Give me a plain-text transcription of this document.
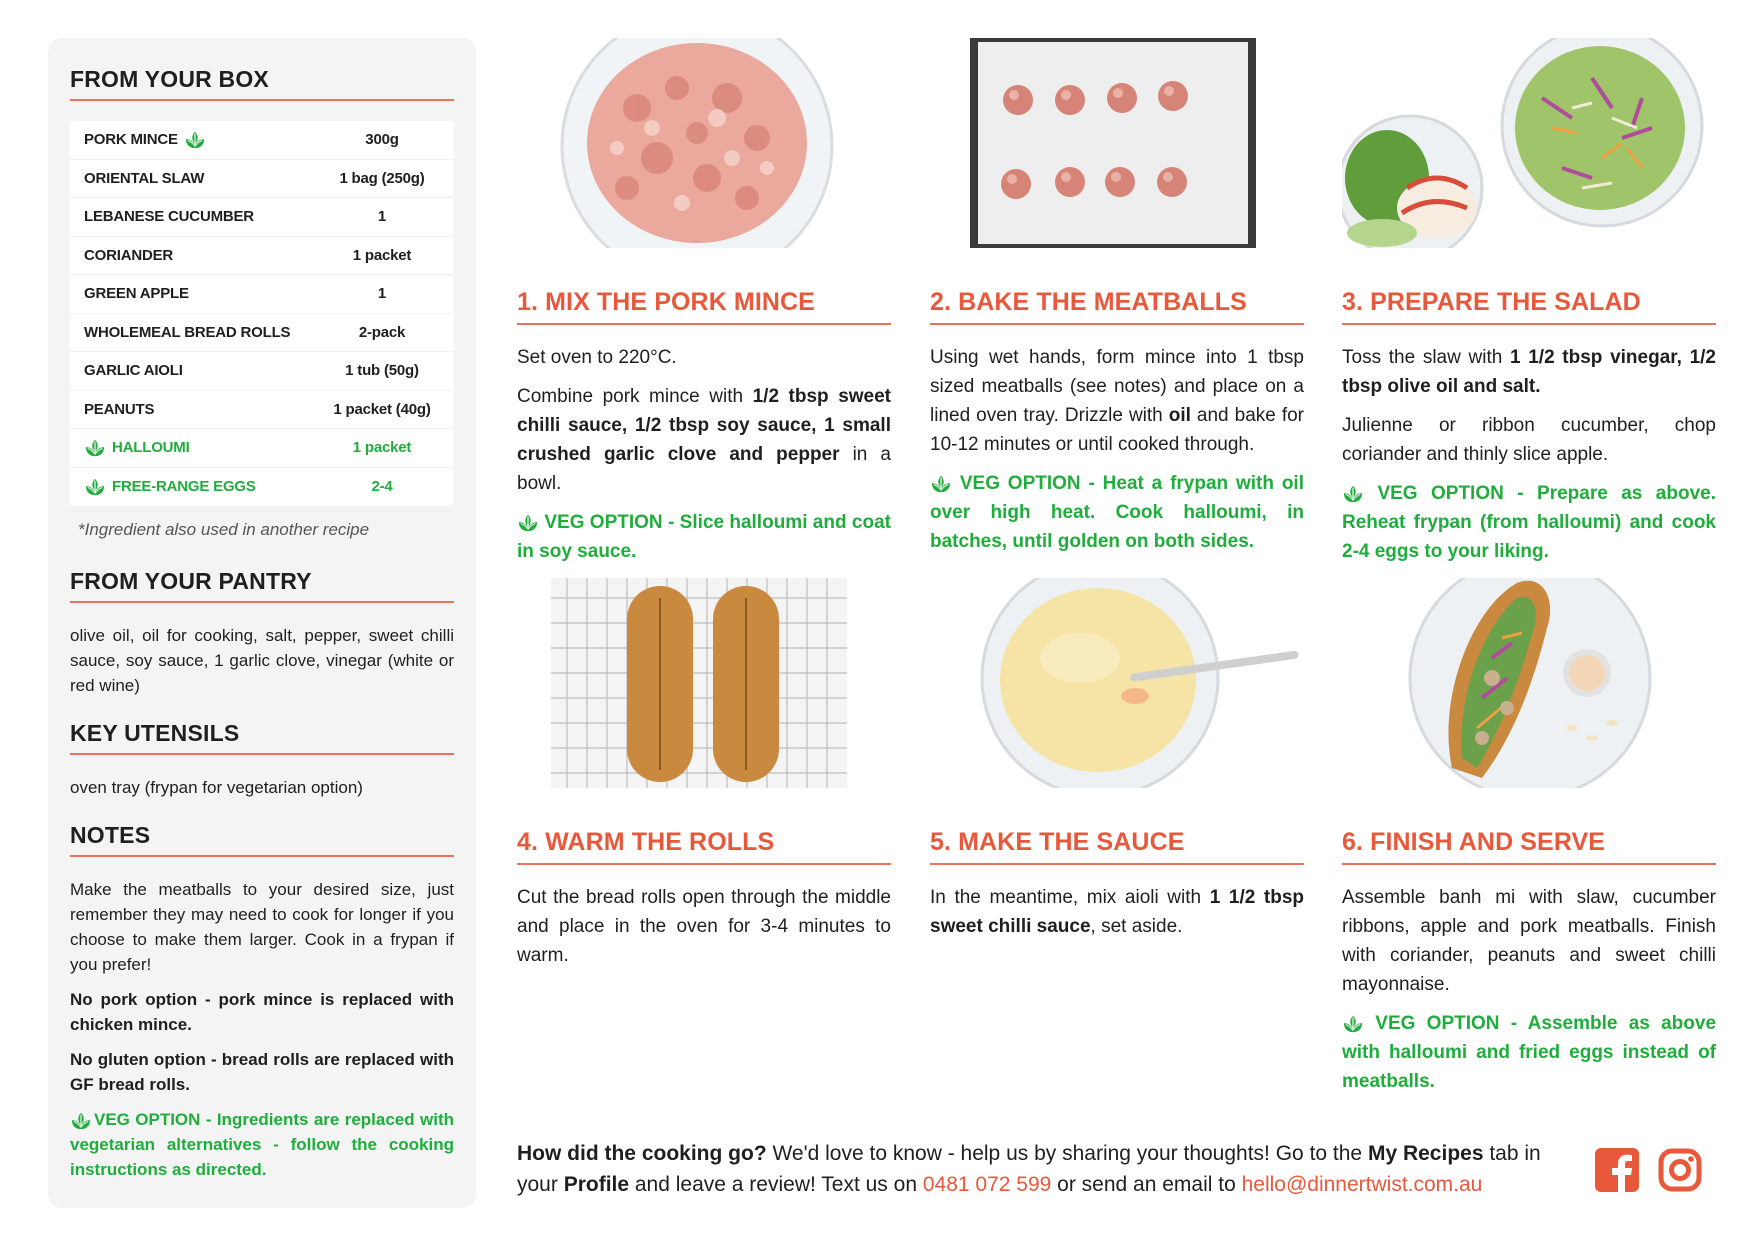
FROM YOUR BOX
PORK MINCE	300g
ORIENTAL SLAW	1 bag (250g)
LEBANESE CUCUMBER	1
CORIANDER	1 packet
GREEN APPLE	1
WHOLEMEAL BREAD ROLLS	2-pack
GARLIC AIOLI	1 tub (50g)
PEANUTS	1 packet (40g)
HALLOUMI	1 packet
FREE-RANGE EGGS	2-4
*Ingredient also used in another recipe
FROM YOUR PANTRY
olive oil, oil for cooking, salt, pepper, sweet chilli sauce, soy sauce, 1 garlic clove, vinegar (white or red wine)
KEY UTENSILS
oven tray (frypan for vegetarian option)
NOTES
Make the meatballs to your desired size, just remember they may need to cook for longer if you choose to make them larger. Cook in a frypan if you prefer!
No pork option - pork mince is replaced with chicken mince.
No gluten option - bread rolls are replaced with GF bread rolls.
VEG OPTION - Ingredients are replaced with vegetarian alternatives - follow the cooking instructions as directed.
1. MIX THE PORK MINCE
Set oven to 220°C.
Combine pork mince with 1/2 tbsp sweet chilli sauce, 1/2 tbsp soy sauce, 1 small crushed garlic clove and pepper in a bowl.
VEG OPTION - Slice halloumi and coat in soy sauce.
2. BAKE THE MEATBALLS
Using wet hands, form mince into 1 tbsp sized meatballs (see notes) and place on a lined oven tray. Drizzle with oil and bake for 10-12 minutes or until cooked through.
VEG OPTION - Heat a frypan with oil over high heat. Cook halloumi, in batches, until golden on both sides.
3. PREPARE THE SALAD
Toss the slaw with 1 1/2 tbsp vinegar, 1/2 tbsp olive oil and salt.
Julienne or ribbon cucumber, chop coriander and thinly slice apple.
VEG OPTION - Prepare as above. Reheat frypan (from halloumi) and cook 2-4 eggs to your liking.
4. WARM THE ROLLS
Cut the bread rolls open through the middle and place in the oven for 3-4 minutes to warm.
5. MAKE THE SAUCE
In the meantime, mix aioli with 1 1/2 tbsp sweet chilli sauce, set aside.
6. FINISH AND SERVE
Assemble banh mi with slaw, cucumber ribbons, apple and pork meatballs. Finish with coriander, peanuts and sweet chilli mayonnaise.
VEG OPTION - Assemble as above with halloumi and fried eggs instead of meatballs.
How did the cooking go? We'd love to know - help us by sharing your thoughts! Go to the My Recipes tab in your Profile and leave a review! Text us on 0481 072 599 or send an email to hello@dinnertwist.com.au
